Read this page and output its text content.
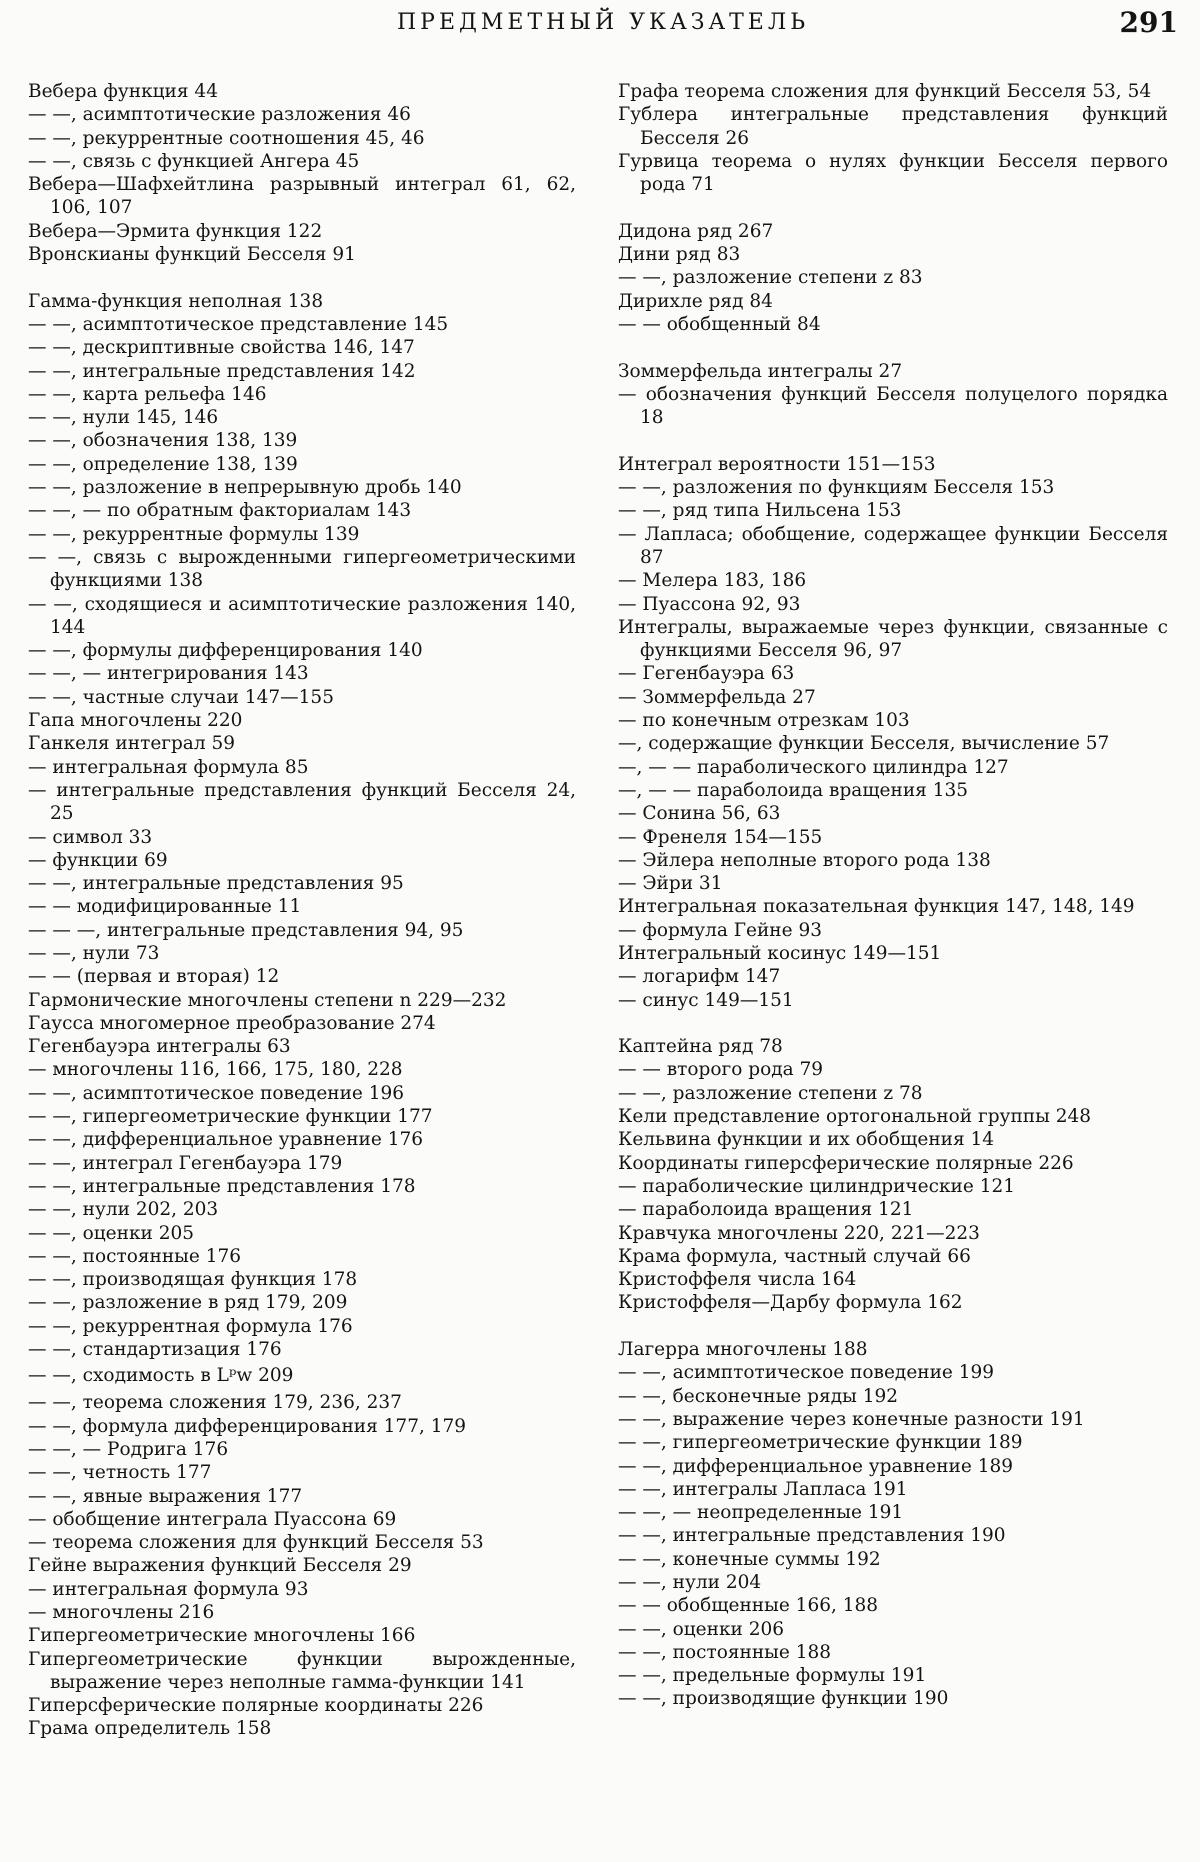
ПРЕДМЕТНЫЙ УКАЗАТЕЛЬ	291
Вебера функция 44
— —, асимптотические разложения 46
— —, рекуррентные соотношения 45, 46
— —, связь с функцией Ангера 45
Вебера—Шафхейтлина разрывный интеграл 61, 62, 106, 107
Вебера—Эрмита функция 122
Вронскианы функций Бесселя 91
Гамма-функция неполная 138
— —, асимптотическое представление 145
— —, дескриптивные свойства 146, 147
— —, интегральные представления 142
— —, карта рельефа 146
— —, нули 145, 146
— —, обозначения 138, 139
— —, определение 138, 139
— —, разложение в непрерывную дробь 140
— —, — по обратным факториалам 143
— —, рекуррентные формулы 139
— —, связь с вырожденными гипергеометрическими функциями 138
— —, сходящиеся и асимптотические разложения 140, 144
— —, формулы дифференцирования 140
— —, — интегрирования 143
— —, частные случаи 147—155
Гапа многочлены 220
Ганкеля интеграл 59
— интегральная формула 85
— интегральные представления функций Бесселя 24, 25
— символ 33
— функции 69
— —, интегральные представления 95
— — модифицированные 11
— — —, интегральные представления 94, 95
— —, нули 73
— — (первая и вторая) 12
Гармонические многочлены степени n 229—232
Гаусса многомерное преобразование 274
Гегенбауэра интегралы 63
— многочлены 116, 166, 175, 180, 228
— —, асимптотическое поведение 196
— —, гипергеометрические функции 177
— —, дифференциальное уравнение 176
— —, интеграл Гегенбауэра 179
— —, интегральные представления 178
— —, нули 202, 203
— —, оценки 205
— —, постоянные 176
— —, производящая функция 178
— —, разложение в ряд 179, 209
— —, рекуррентная формула 176
— —, стандартизация 176
— —, сходимость в Lᵖw 209
— —, теорема сложения 179, 236, 237
— —, формула дифференцирования 177, 179
— —, — Родрига 176
— —, четность 177
— —, явные выражения 177
— обобщение интеграла Пуассона 69
— теорема сложения для функций Бесселя 53
Гейне выражения функций Бесселя 29
— интегральная формула 93
— многочлены 216
Гипергеометрические многочлены 166
Гипергеометрические функции вырожденные, выражение через неполные гамма-функции 141
Гиперсферические полярные координаты 226
Грама определитель 158
Графа теорема сложения для функций Бесселя 53, 54
Гублера интегральные представления функций Бесселя 26
Гурвица теорема о нулях функции Бесселя первого рода 71
Дидона ряд 267
Дини ряд 83
— —, разложение степени z 83
Дирихле ряд 84
— — обобщенный 84
Зоммерфельда интегралы 27
— обозначения функций Бесселя полуцелого порядка 18
Интеграл вероятности 151—153
— —, разложения по функциям Бесселя 153
— —, ряд типа Нильсена 153
— Лапласа; обобщение, содержащее функции Бесселя 87
— Мелера 183, 186
— Пуассона 92, 93
Интегралы, выражаемые через функции, связанные с функциями Бесселя 96, 97
— Гегенбауэра 63
— Зоммерфельда 27
— по конечным отрезкам 103
—, содержащие функции Бесселя, вычисление 57
—, — — параболического цилиндра 127
—, — — параболоида вращения 135
— Сонина 56, 63
— Френеля 154—155
— Эйлера неполные второго рода 138
— Эйри 31
Интегральная показательная функция 147, 148, 149
— формула Гейне 93
Интегральный косинус 149—151
— логарифм 147
— синус 149—151
Каптейна ряд 78
— — второго рода 79
— —, разложение степени z 78
Кели представление ортогональной группы 248
Кельвина функции и их обобщения 14
Координаты гиперсферические полярные 226
— параболические цилиндрические 121
— параболоида вращения 121
Кравчука многочлены 220, 221—223
Крама формула, частный случай 66
Кристоффеля числа 164
Кристоффеля—Дарбу формула 162
Лагерра многочлены 188
— —, асимптотическое поведение 199
— —, бесконечные ряды 192
— —, выражение через конечные разности 191
— —, гипергеометрические функции 189
— —, дифференциальное уравнение 189
— —, интегралы Лапласа 191
— —, — неопределенные 191
— —, интегральные представления 190
— —, конечные суммы 192
— —, нули 204
— — обобщенные 166, 188
— —, оценки 206
— —, постоянные 188
— —, предельные формулы 191
— —, производящие функции 190
